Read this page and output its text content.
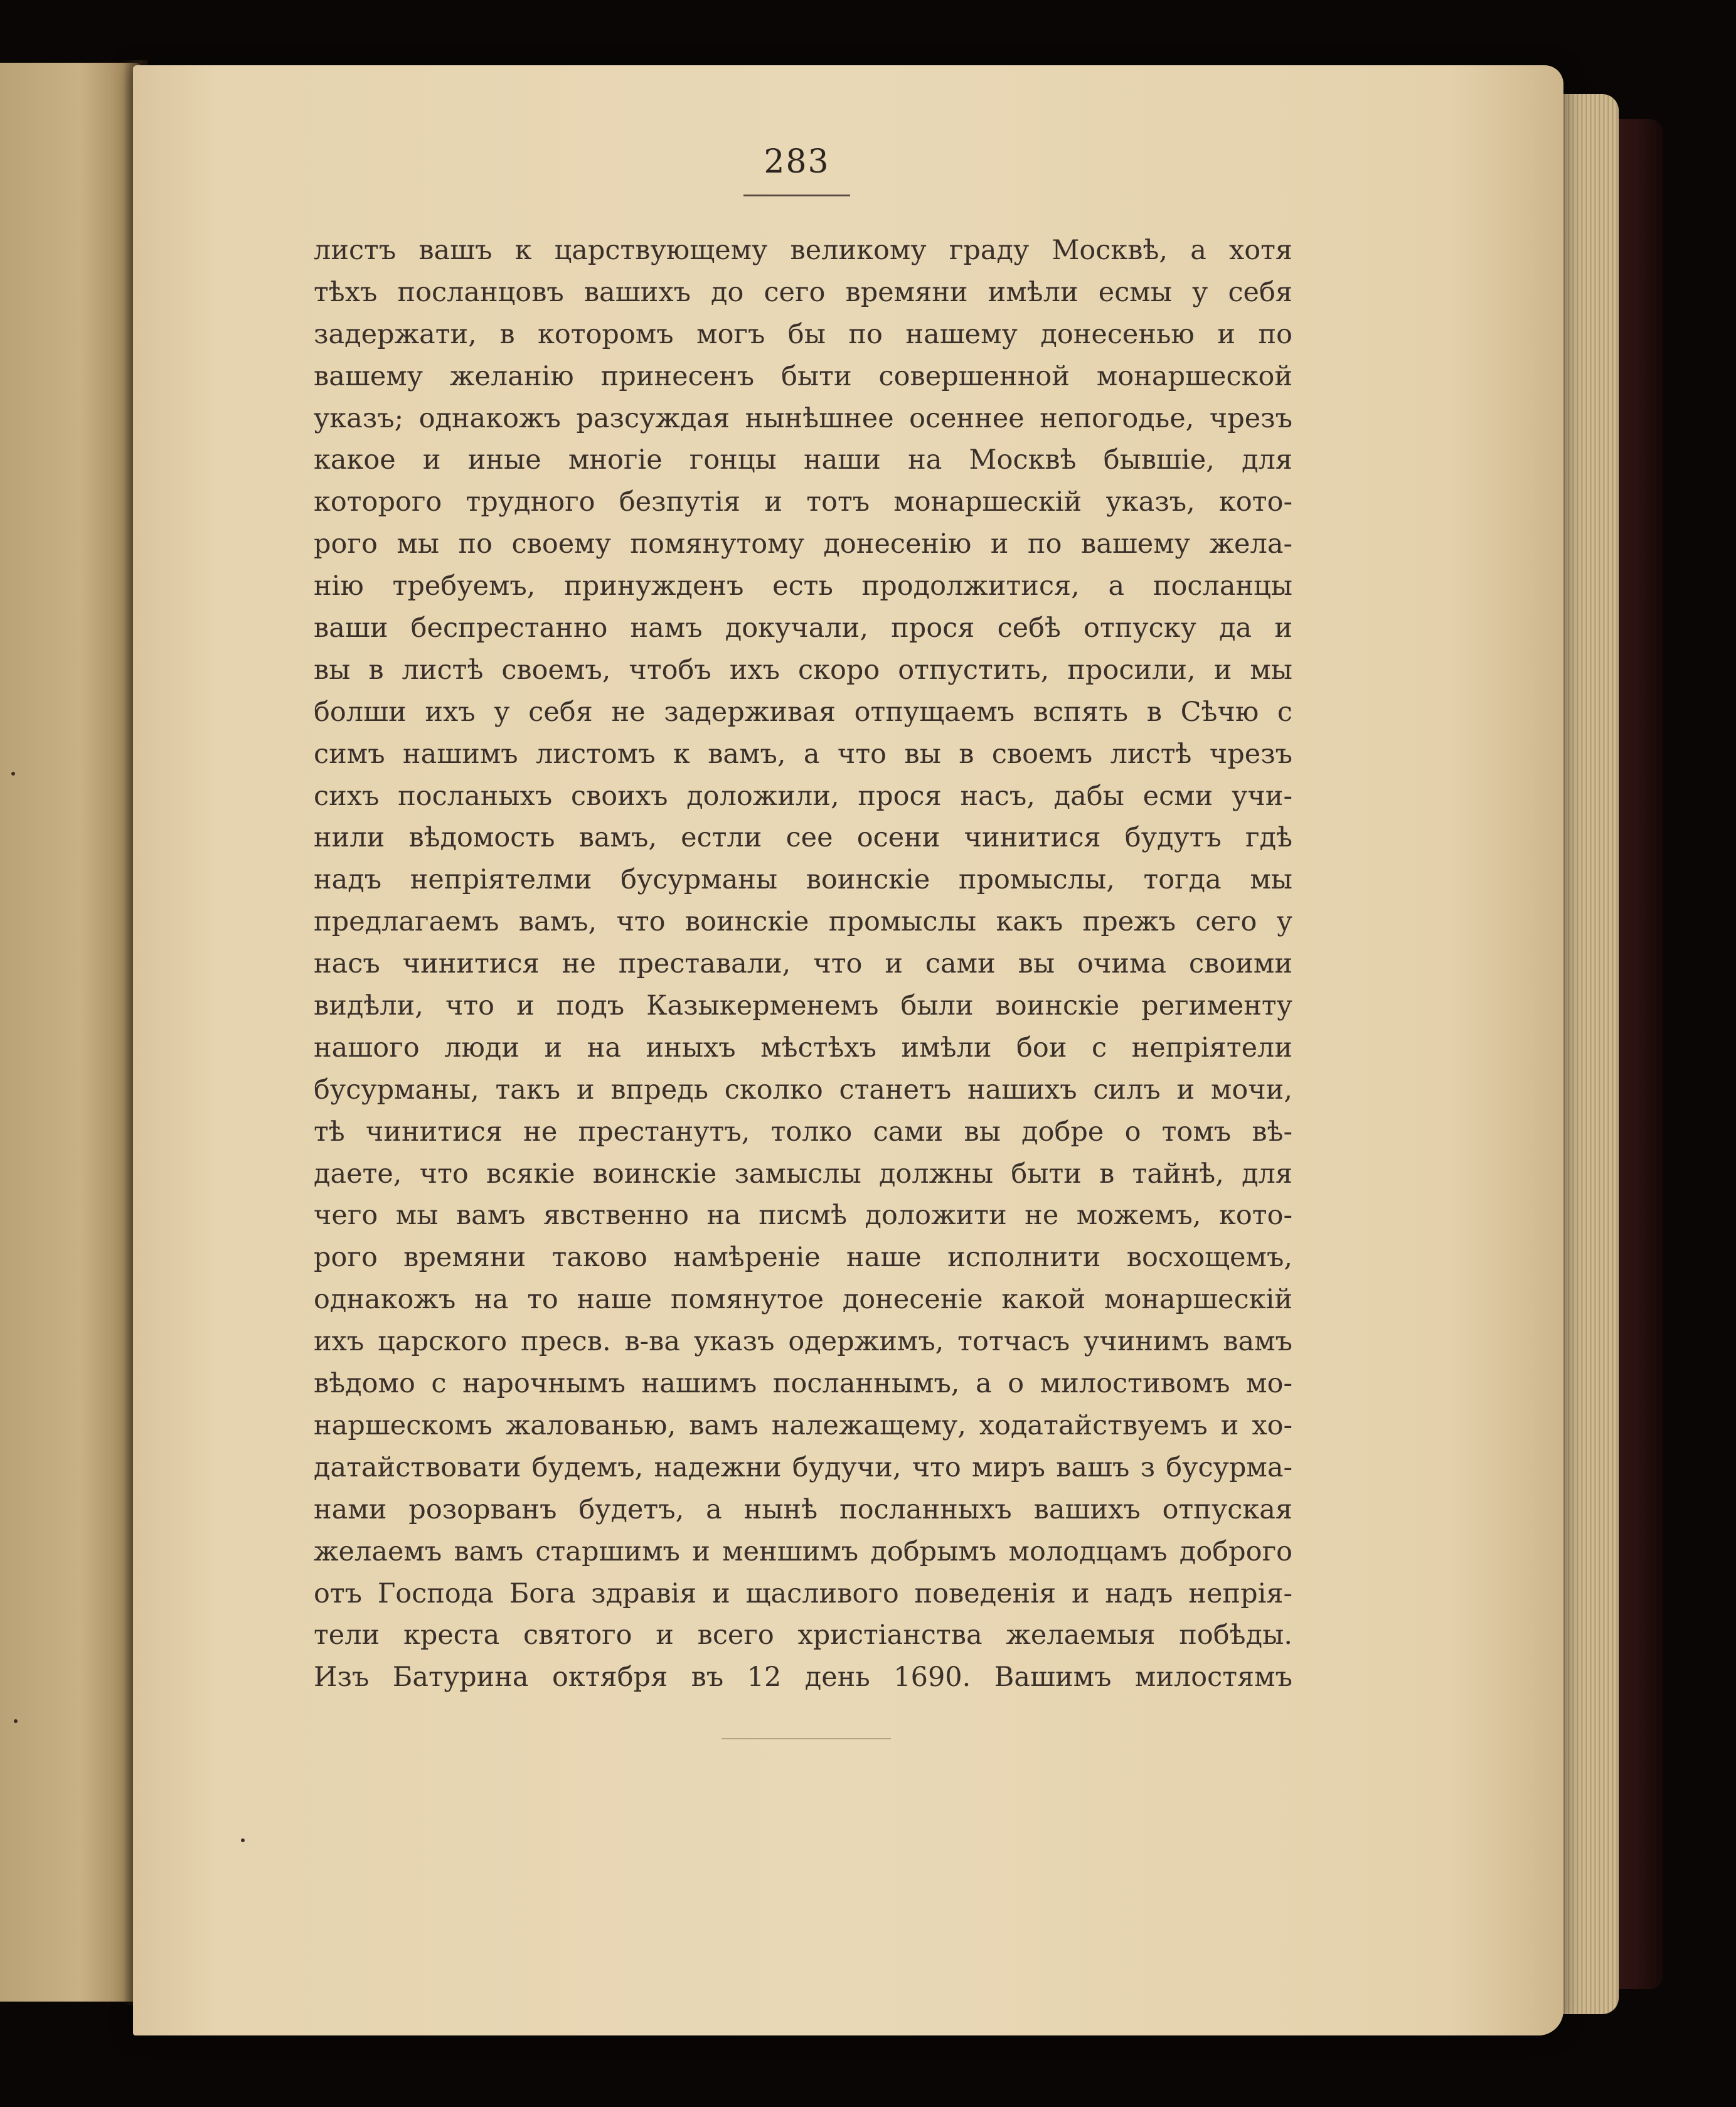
283
листъ вашъ к царствующему великому граду Москвѣ, а хотя
тѣхъ посланцовъ вашихъ до сего времяни имѣли есмы у себя
задержати, в которомъ могъ бы по нашему донесенью и по
вашему желанію принесенъ быти совершенной монаршеской
указъ; однакожъ разсуждая нынѣшнее осеннее непогодье, чрезъ
какое и иные многіе гонцы наши на Москвѣ бывшіе, для
которого трудного безпутія и тотъ монаршескій указъ, кото-
рого мы по своему помянутому донесенію и по вашему жела-
нію требуемъ, принужденъ есть продолжитися, а посланцы
ваши беспрестанно намъ докучали, прося себѣ отпуску да и
вы в листѣ своемъ, чтобъ ихъ скоро отпустить, просили, и мы
болши ихъ у себя не задерживая отпущаемъ вспять в Сѣчю с
симъ нашимъ листомъ к вамъ, а что вы в своемъ листѣ чрезъ
сихъ посланыхъ своихъ доложили, прося насъ, дабы есми учи-
нили вѣдомость вамъ, естли сее осени чинитися будутъ гдѣ
надъ непріятелми бусурманы воинскіе промыслы, тогда мы
предлагаемъ вамъ, что воинскіе промыслы какъ прежъ сего у
насъ чинитися не преставали, что и сами вы очима своими
видѣли, что и подъ Казыкерменемъ были воинскіе регименту
нашого люди и на иныхъ мѣстѣхъ имѣли бои с непріятели
бусурманы, такъ и впредь сколко станетъ нашихъ силъ и мочи,
тѣ чинитися не престанутъ, толко сами вы добре о томъ вѣ-
даете, что всякіе воинскіе замыслы должны быти в тайнѣ, для
чего мы вамъ явственно на писмѣ доложити не можемъ, кото-
рого времяни таково намѣреніе наше исполнити восхощемъ,
однакожъ на то наше помянутое донесеніе какой монаршескій
ихъ царского пресв. в-ва указъ одержимъ, тотчасъ учинимъ вамъ
вѣдомо с нарочнымъ нашимъ посланнымъ, а о милостивомъ мо-
наршескомъ жалованью, вамъ належащему, ходатайствуемъ и хо-
датайствовати будемъ, надежни будучи, что миръ вашъ з бусурма-
нами розорванъ будетъ, а нынѣ посланныхъ вашихъ отпуская
желаемъ вамъ старшимъ и меншимъ добрымъ молодцамъ доброго
отъ Господа Бога здравія и щасливого поведенія и надъ непрія-
тели креста святого и всего христіанства желаемыя побѣды.
Изъ Батурина октября въ 12 день 1690. Вашимъ милостямъ
